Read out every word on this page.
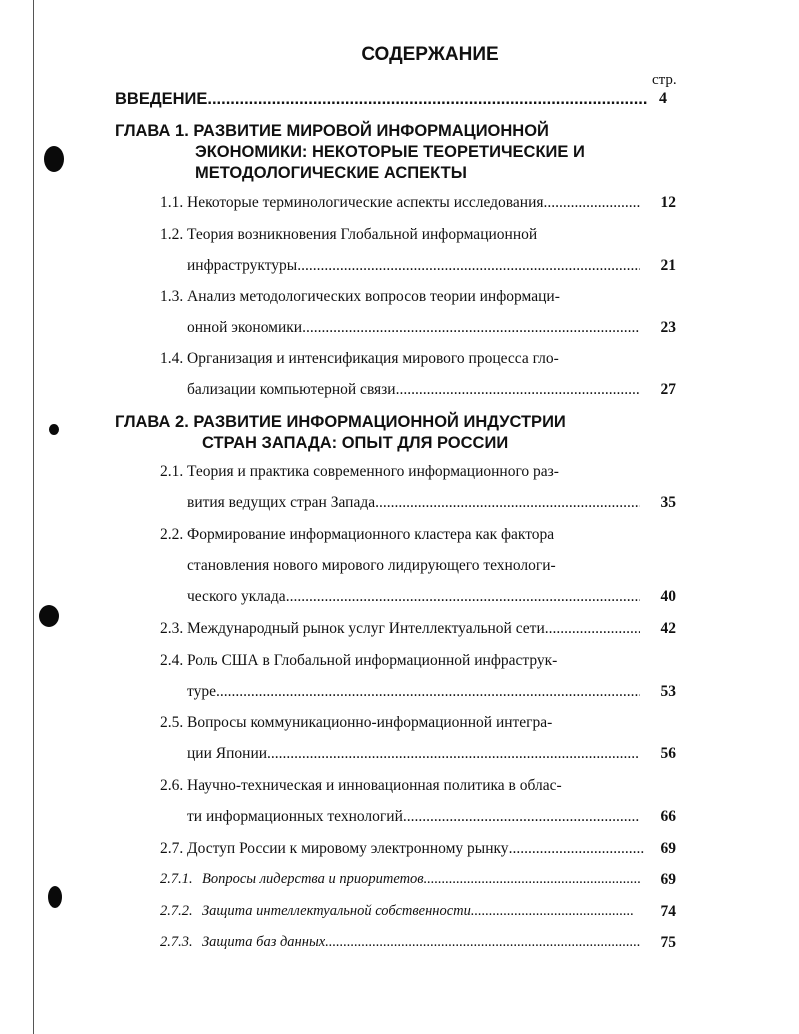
СОДЕРЖАНИЕ
стр.
ВВЕДЕНИЕ .....	4
ГЛАВА 1. РАЗВИТИЕ МИРОВОЙ ИНФОРМАЦИОННОЙ
ЭКОНОМИКИ: НЕКОТОРЫЕ ТЕОРЕТИЧЕСКИЕ И
МЕТОДОЛОГИЧЕСКИЕ АСПЕКТЫ
1.1. Некоторые терминологические аспекты исследования .....	12
1.2. Теория возникновения Глобальной информационной
инфраструктуры .....	21
1.3. Анализ методологических вопросов теории информаци-
онной экономики .....	23
1.4. Организация и интенсификация мирового процесса гло-
бализации компьютерной связи .....	27
ГЛАВА 2. РАЗВИТИЕ ИНФОРМАЦИОННОЙ ИНДУСТРИИ
СТРАН ЗАПАДА: ОПЫТ ДЛЯ РОССИИ
2.1. Теория и практика современного информационного раз-
вития ведущих стран Запада .....	35
2.2. Формирование информационного кластера как фактора
становления нового мирового лидирующего технологи-
ческого уклада .....	40
2.3. Международный рынок услуг Интеллектуальной сети .....	42
2.4. Роль США в Глобальной информационной инфраструк-
туре .....	53
2.5. Вопросы коммуникационно-информационной интегра-
ции Японии .....	56
2.6. Научно-техническая и инновационная политика в облас-
ти информационных технологий .....	66
2.7. Доступ России к мировому электронному рынку .....	69
2.7.1. Вопросы лидерства и приоритетов .....	69
2.7.2. Защита интеллектуальной собственности .....	74
2.7.3. Защита баз данных .....	75
